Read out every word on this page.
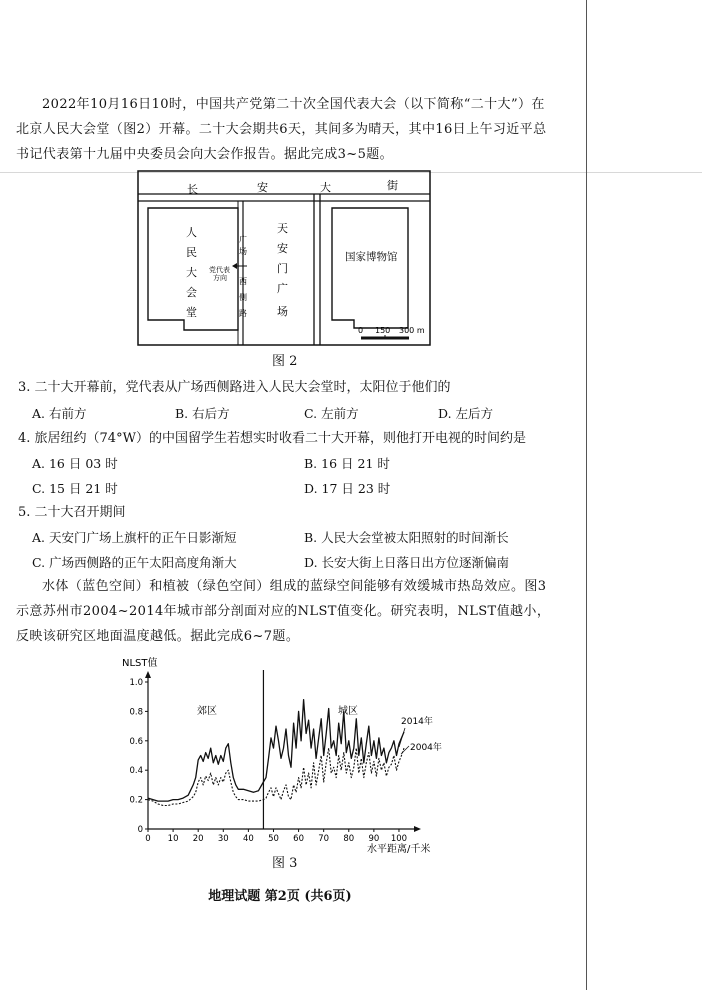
2022年10月16日10时，中国共产党第二十次全国代表大会（以下简称“二十大”）在北京人民大会堂（图2）开幕。二十大会期共6天，其间多为晴天，其中16日上午习近平总书记代表第十九届中央委员会向大会作报告。据此完成3~5题。

长	安	大	街
人
民
大
会
堂
广
场
西
侧
路
党代表
方向
天
安
门
广
场
国家博物馆
0 150 300 m
图 2

3. 二十大开幕前，党代表从广场西侧路进入人民大会堂时，太阳位于他们的

A. 右前方	B. 右后方	C. 左前方	D. 左后方

4. 旅居纽约（74°W）的中国留学生若想实时收看二十大开幕，则他打开电视的时间约是

A. 16 日 03 时	B. 16 日 21 时
C. 15 日 21 时	D. 17 日 23 时

5. 二十大召开期间

A. 天安门广场上旗杆的正午日影渐短	B. 人民大会堂被太阳照射的时间渐长
C. 广场西侧路的正午太阳高度角渐大	D. 长安大街上日落日出方位逐渐偏南

水体（蓝色空间）和植被（绿色空间）组成的蓝绿空间能够有效缓城市热岛效应。图3示意苏州市2004~2014年城市部分剖面对应的NLST值变化。研究表明，NLST值越小，反映该研究区地面温度越低。据此完成6~7题。

NLST值
郊区	城区
水平距离/千米
2014年
2004年
0
0.2
0.4
0.6
0.8
1.0
0 10 20 30 40 50 60 70 80 90 100
图 3
地理试题 第2页 (共6页)
